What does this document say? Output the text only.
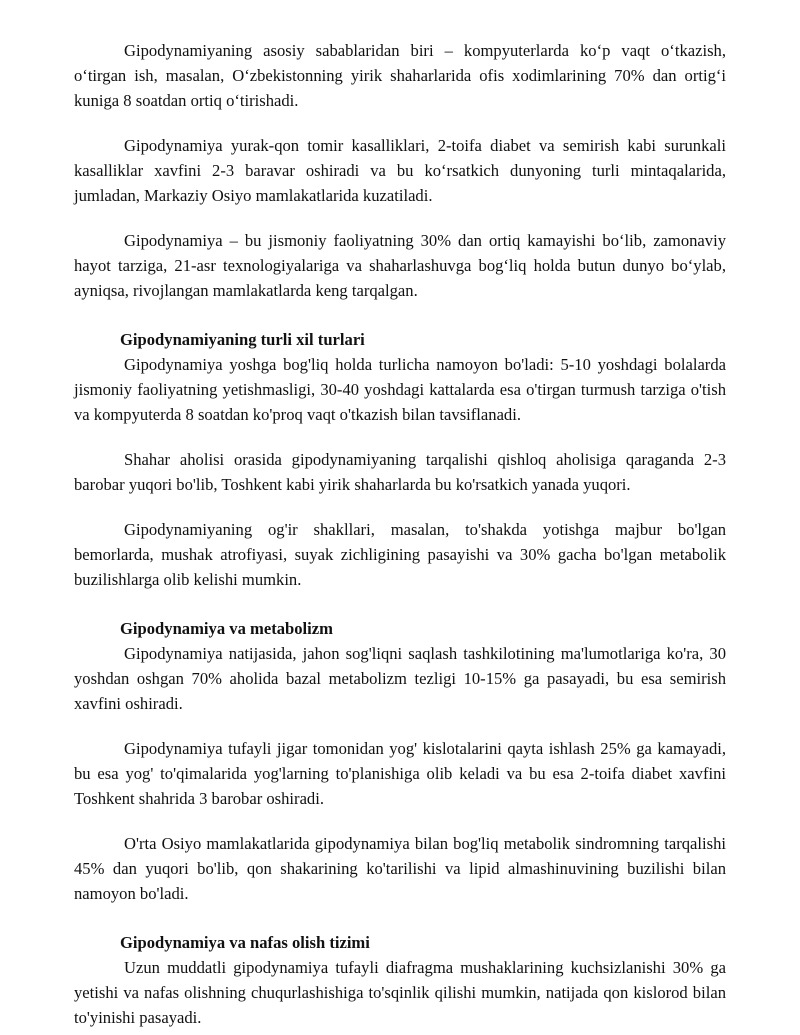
Gipodynamiyaning asosiy sabablaridan biri – kompyuterlarda ko‘p vaqt o‘tkazish, o‘tirgan ish, masalan, O‘zbekistonning yirik shaharlarida ofis xodimlarining 70% dan ortig‘i kuniga 8 soatdan ortiq o‘tirishadi.

Gipodynamiya yurak-qon tomir kasalliklari, 2-toifa diabet va semirish kabi surunkali kasalliklar xavfini 2-3 baravar oshiradi va bu ko‘rsatkich dunyoning turli mintaqalarida, jumladan, Markaziy Osiyo mamlakatlarida kuzatiladi.

Gipodynamiya – bu jismoniy faoliyatning 30% dan ortiq kamayishi bo‘lib, zamonaviy hayot tarziga, 21-asr texnologiyalariga va shaharlashuvga bog‘liq holda butun dunyo bo‘ylab, ayniqsa, rivojlangan mamlakatlarda keng tarqalgan.

Gipodynamiyaning turli xil turlari

Gipodynamiya yoshga bog'liq holda turlicha namoyon bo'ladi: 5-10 yoshdagi bolalarda jismoniy faoliyatning yetishmasligi, 30-40 yoshdagi kattalarda esa o'tirgan turmush tarziga o'tish va kompyuterda 8 soatdan ko'proq vaqt o'tkazish bilan tavsiflanadi.

Shahar aholisi orasida gipodynamiyaning tarqalishi qishloq aholisiga qaraganda 2-3 barobar yuqori bo'lib, Toshkent kabi yirik shaharlarda bu ko'rsatkich yanada yuqori.

Gipodynamiyaning og'ir shakllari, masalan, to'shakda yotishga majbur bo'lgan bemorlarda, mushak atrofiyasi, suyak zichligining pasayishi va 30% gacha bo'lgan metabolik buzilishlarga olib kelishi mumkin.

Gipodynamiya va metabolizm

Gipodynamiya natijasida, jahon sog'liqni saqlash tashkilotining ma'lumotlariga ko'ra, 30 yoshdan oshgan 70% aholida bazal metabolizm tezligi 10-15% ga pasayadi, bu esa semirish xavfini oshiradi.

Gipodynamiya tufayli jigar tomonidan yog' kislotalarini qayta ishlash 25% ga kamayadi, bu esa yog' to'qimalarida yog'larning to'planishiga olib keladi va bu esa 2-toifa diabet xavfini Toshkent shahrida 3 barobar oshiradi.

O'rta Osiyo mamlakatlarida gipodynamiya bilan bog'liq metabolik sindromning tarqalishi 45% dan yuqori bo'lib, qon shakarining ko'tarilishi va lipid almashinuvining buzilishi bilan namoyon bo'ladi.

Gipodynamiya va nafas olish tizimi

Uzun muddatli gipodynamiya tufayli diafragma mushaklarining kuchsizlanishi 30% ga yetishi va nafas olishning chuqurlashishiga to'sqinlik qilishi mumkin, natijada qon kislorod bilan to'yinishi pasayadi.
